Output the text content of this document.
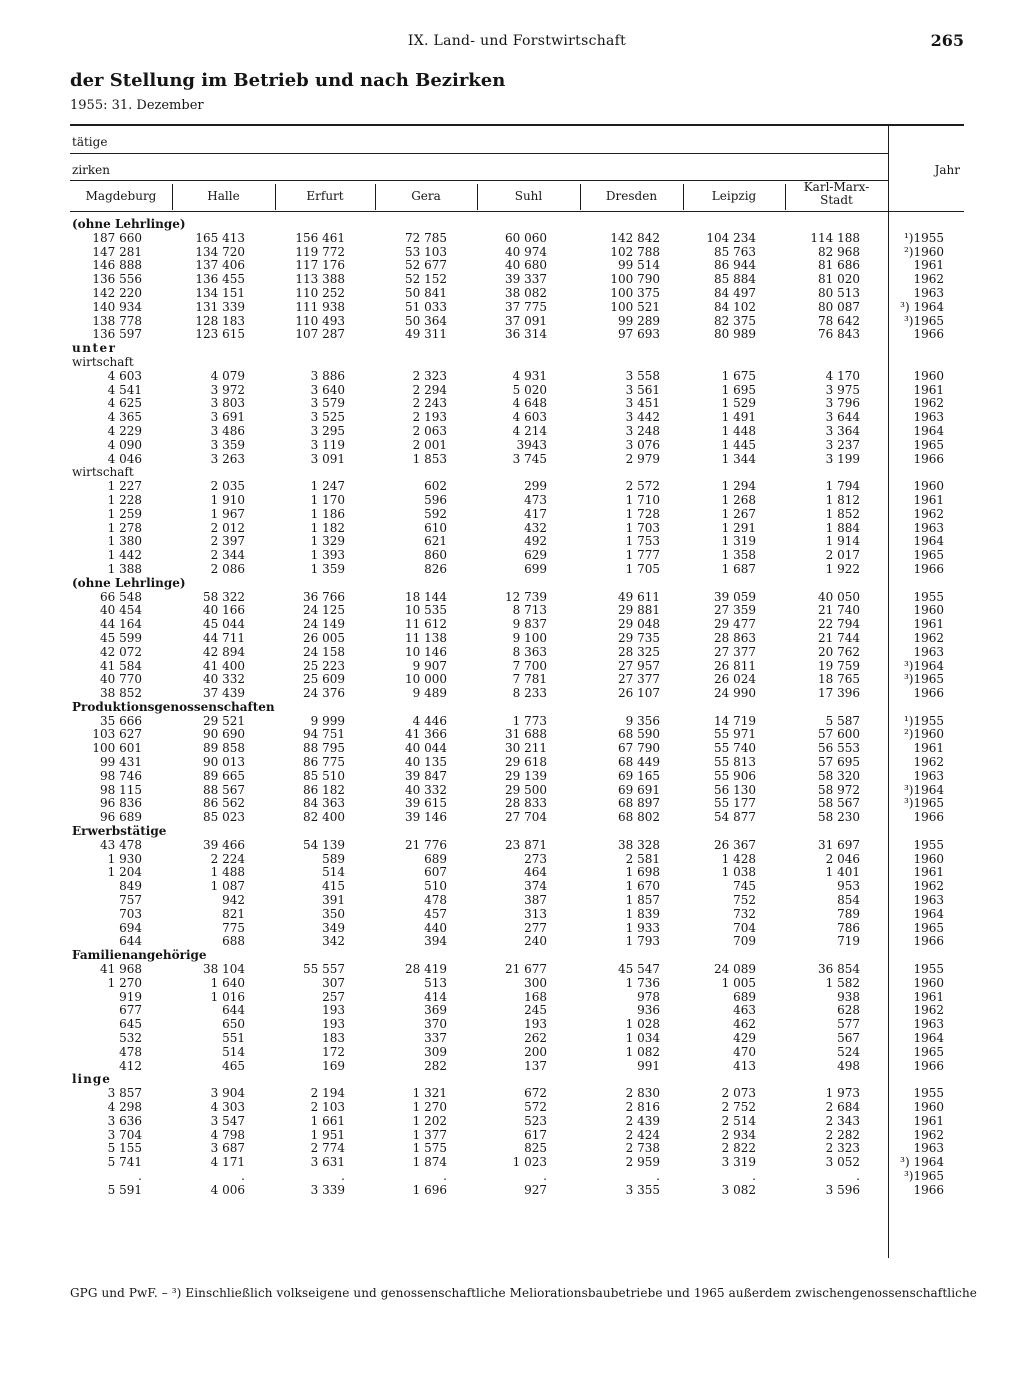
IX. Land- und Forstwirtschaft	265
der Stellung im Betrieb und nach Bezirken
1955: 31. Dezember
tätige
zirken	Jahr
Magdeburg	Halle	Erfurt	Gera	Suhl	Dresden	Leipzig
Karl-Marx-
Stadt
(ohne Lehrlinge)
187 660	165 413	156 461	72 785	60 060	142 842	104 234	114 188	¹)1955
147 281	134 720	119 772	53 103	40 974	102 788	85 763	82 968	²)1960
146 888	137 406	117 176	52 677	40 680	99 514	86 944	81 686	1961
136 556	136 455	113 388	52 152	39 337	100 790	85 884	81 020	1962
142 220	134 151	110 252	50 841	38 082	100 375	84 497	80 513	1963
140 934	131 339	111 938	51 033	37 775	100 521	84 102	80 087	³) 1964
138 778	128 183	110 493	50 364	37 091	99 289	82 375	78 642	³)1965
136 597	123 615	107 287	49 311	36 314	97 693	80 989	76 843	1966
unter
wirtschaft
4 603	4 079	3 886	2 323	4 931	3 558	1 675	4 170	1960
4 541	3 972	3 640	2 294	5 020	3 561	1 695	3 975	1961
4 625	3 803	3 579	2 243	4 648	3 451	1 529	3 796	1962
4 365	3 691	3 525	2 193	4 603	3 442	1 491	3 644	1963
4 229	3 486	3 295	2 063	4 214	3 248	1 448	3 364	1964
4 090	3 359	3 119	2 001	3943	3 076	1 445	3 237	1965
4 046	3 263	3 091	1 853	3 745	2 979	1 344	3 199	1966
wirtschaft
1 227	2 035	1 247	602	299	2 572	1 294	1 794	1960
1 228	1 910	1 170	596	473	1 710	1 268	1 812	1961
1 259	1 967	1 186	592	417	1 728	1 267	1 852	1962
1 278	2 012	1 182	610	432	1 703	1 291	1 884	1963
1 380	2 397	1 329	621	492	1 753	1 319	1 914	1964
1 442	2 344	1 393	860	629	1 777	1 358	2 017	1965
1 388	2 086	1 359	826	699	1 705	1 687	1 922	1966
(ohne Lehrlinge)
66 548	58 322	36 766	18 144	12 739	49 611	39 059	40 050	1955
40 454	40 166	24 125	10 535	8 713	29 881	27 359	21 740	1960
44 164	45 044	24 149	11 612	9 837	29 048	29 477	22 794	1961
45 599	44 711	26 005	11 138	9 100	29 735	28 863	21 744	1962
42 072	42 894	24 158	10 146	8 363	28 325	27 377	20 762	1963
41 584	41 400	25 223	9 907	7 700	27 957	26 811	19 759	³)1964
40 770	40 332	25 609	10 000	7 781	27 377	26 024	18 765	³)1965
38 852	37 439	24 376	9 489	8 233	26 107	24 990	17 396	1966
Produktionsgenossenschaften
35 666	29 521	9 999	4 446	1 773	9 356	14 719	5 587	¹)1955
103 627	90 690	94 751	41 366	31 688	68 590	55 971	57 600	²)1960
100 601	89 858	88 795	40 044	30 211	67 790	55 740	56 553	1961
99 431	90 013	86 775	40 135	29 618	68 449	55 813	57 695	1962
98 746	89 665	85 510	39 847	29 139	69 165	55 906	58 320	1963
98 115	88 567	86 182	40 332	29 500	69 691	56 130	58 972	³)1964
96 836	86 562	84 363	39 615	28 833	68 897	55 177	58 567	³)1965
96 689	85 023	82 400	39 146	27 704	68 802	54 877	58 230	1966
Erwerbstätige
43 478	39 466	54 139	21 776	23 871	38 328	26 367	31 697	1955
1 930	2 224	589	689	273	2 581	1 428	2 046	1960
1 204	1 488	514	607	464	1 698	1 038	1 401	1961
849	1 087	415	510	374	1 670	745	953	1962
757	942	391	478	387	1 857	752	854	1963
703	821	350	457	313	1 839	732	789	1964
694	775	349	440	277	1 933	704	786	1965
644	688	342	394	240	1 793	709	719	1966
Familienangehörige
41 968	38 104	55 557	28 419	21 677	45 547	24 089	36 854	1955
1 270	1 640	307	513	300	1 736	1 005	1 582	1960
919	1 016	257	414	168	978	689	938	1961
677	644	193	369	245	936	463	628	1962
645	650	193	370	193	1 028	462	577	1963
532	551	183	337	262	1 034	429	567	1964
478	514	172	309	200	1 082	470	524	1965
412	465	169	282	137	991	413	498	1966
linge
3 857	3 904	2 194	1 321	672	2 830	2 073	1 973	1955
4 298	4 303	2 103	1 270	572	2 816	2 752	2 684	1960
3 636	3 547	1 661	1 202	523	2 439	2 514	2 343	1961
3 704	4 798	1 951	1 377	617	2 424	2 934	2 282	1962
5 155	3 687	2 774	1 575	825	2 738	2 822	2 323	1963
5 741	4 171	3 631	1 874	1 023	2 959	3 319	3 052	³) 1964
.	.	.	.	.	.	.	.	³)1965
5 591	4 006	3 339	1 696	927	3 355	3 082	3 596	1966
GPG und PwF. – ³) Einschließlich volkseigene und genossenschaftliche Meliorationsbaubetriebe und 1965 außerdem zwischengenossenschaftliche
